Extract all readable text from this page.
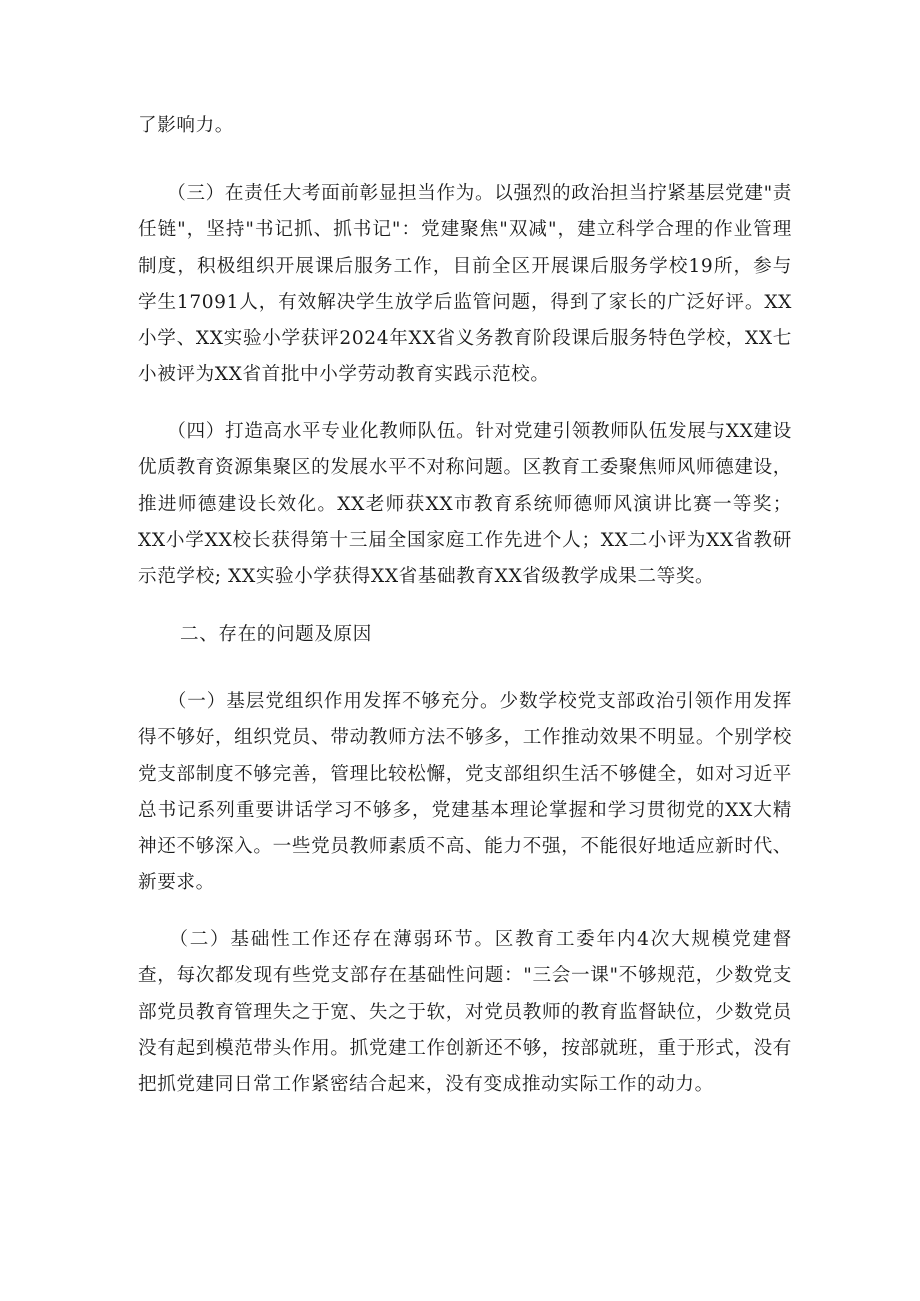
了影响力。

　　（三）在责任大考面前彰显担当作为。以强烈的政治担当拧紧基层党建"责任链"，坚持"书记抓、抓书记"：党建聚焦"双减"，建立科学合理的作业管理制度，积极组织开展课后服务工作，目前全区开展课后服务学校19所，参与学生17091人，有效解决学生放学后监管问题，得到了家长的广泛好评。XX小学、XX实验小学获评2024年XX省义务教育阶段课后服务特色学校，XX七小被评为XX省首批中小学劳动教育实践示范校。

　　（四）打造高水平专业化教师队伍。针对党建引领教师队伍发展与XX建设优质教育资源集聚区的发展水平不对称问题。区教育工委聚焦师风师德建设，推进师德建设长效化。XX老师获XX市教育系统师德师风演讲比赛一等奖；XX小学XX校长获得第十三届全国家庭工作先进个人；XX二小评为XX省教研示范学校; XX实验小学获得XX省基础教育XX省级教学成果二等奖。

二、存在的问题及原因

　　（一）基层党组织作用发挥不够充分。少数学校党支部政治引领作用发挥得不够好，组织党员、带动教师方法不够多，工作推动效果不明显。个别学校党支部制度不够完善，管理比较松懈，党支部组织生活不够健全，如对习近平总书记系列重要讲话学习不够多，党建基本理论掌握和学习贯彻党的XX大精神还不够深入。一些党员教师素质不高、能力不强，不能很好地适应新时代、新要求。

　　（二）基础性工作还存在薄弱环节。区教育工委年内4次大规模党建督查，每次都发现有些党支部存在基础性问题："三会一课"不够规范，少数党支部党员教育管理失之于宽、失之于软，对党员教师的教育监督缺位，少数党员没有起到模范带头作用。抓党建工作创新还不够，按部就班，重于形式，没有把抓党建同日常工作紧密结合起来，没有变成推动实际工作的动力。
